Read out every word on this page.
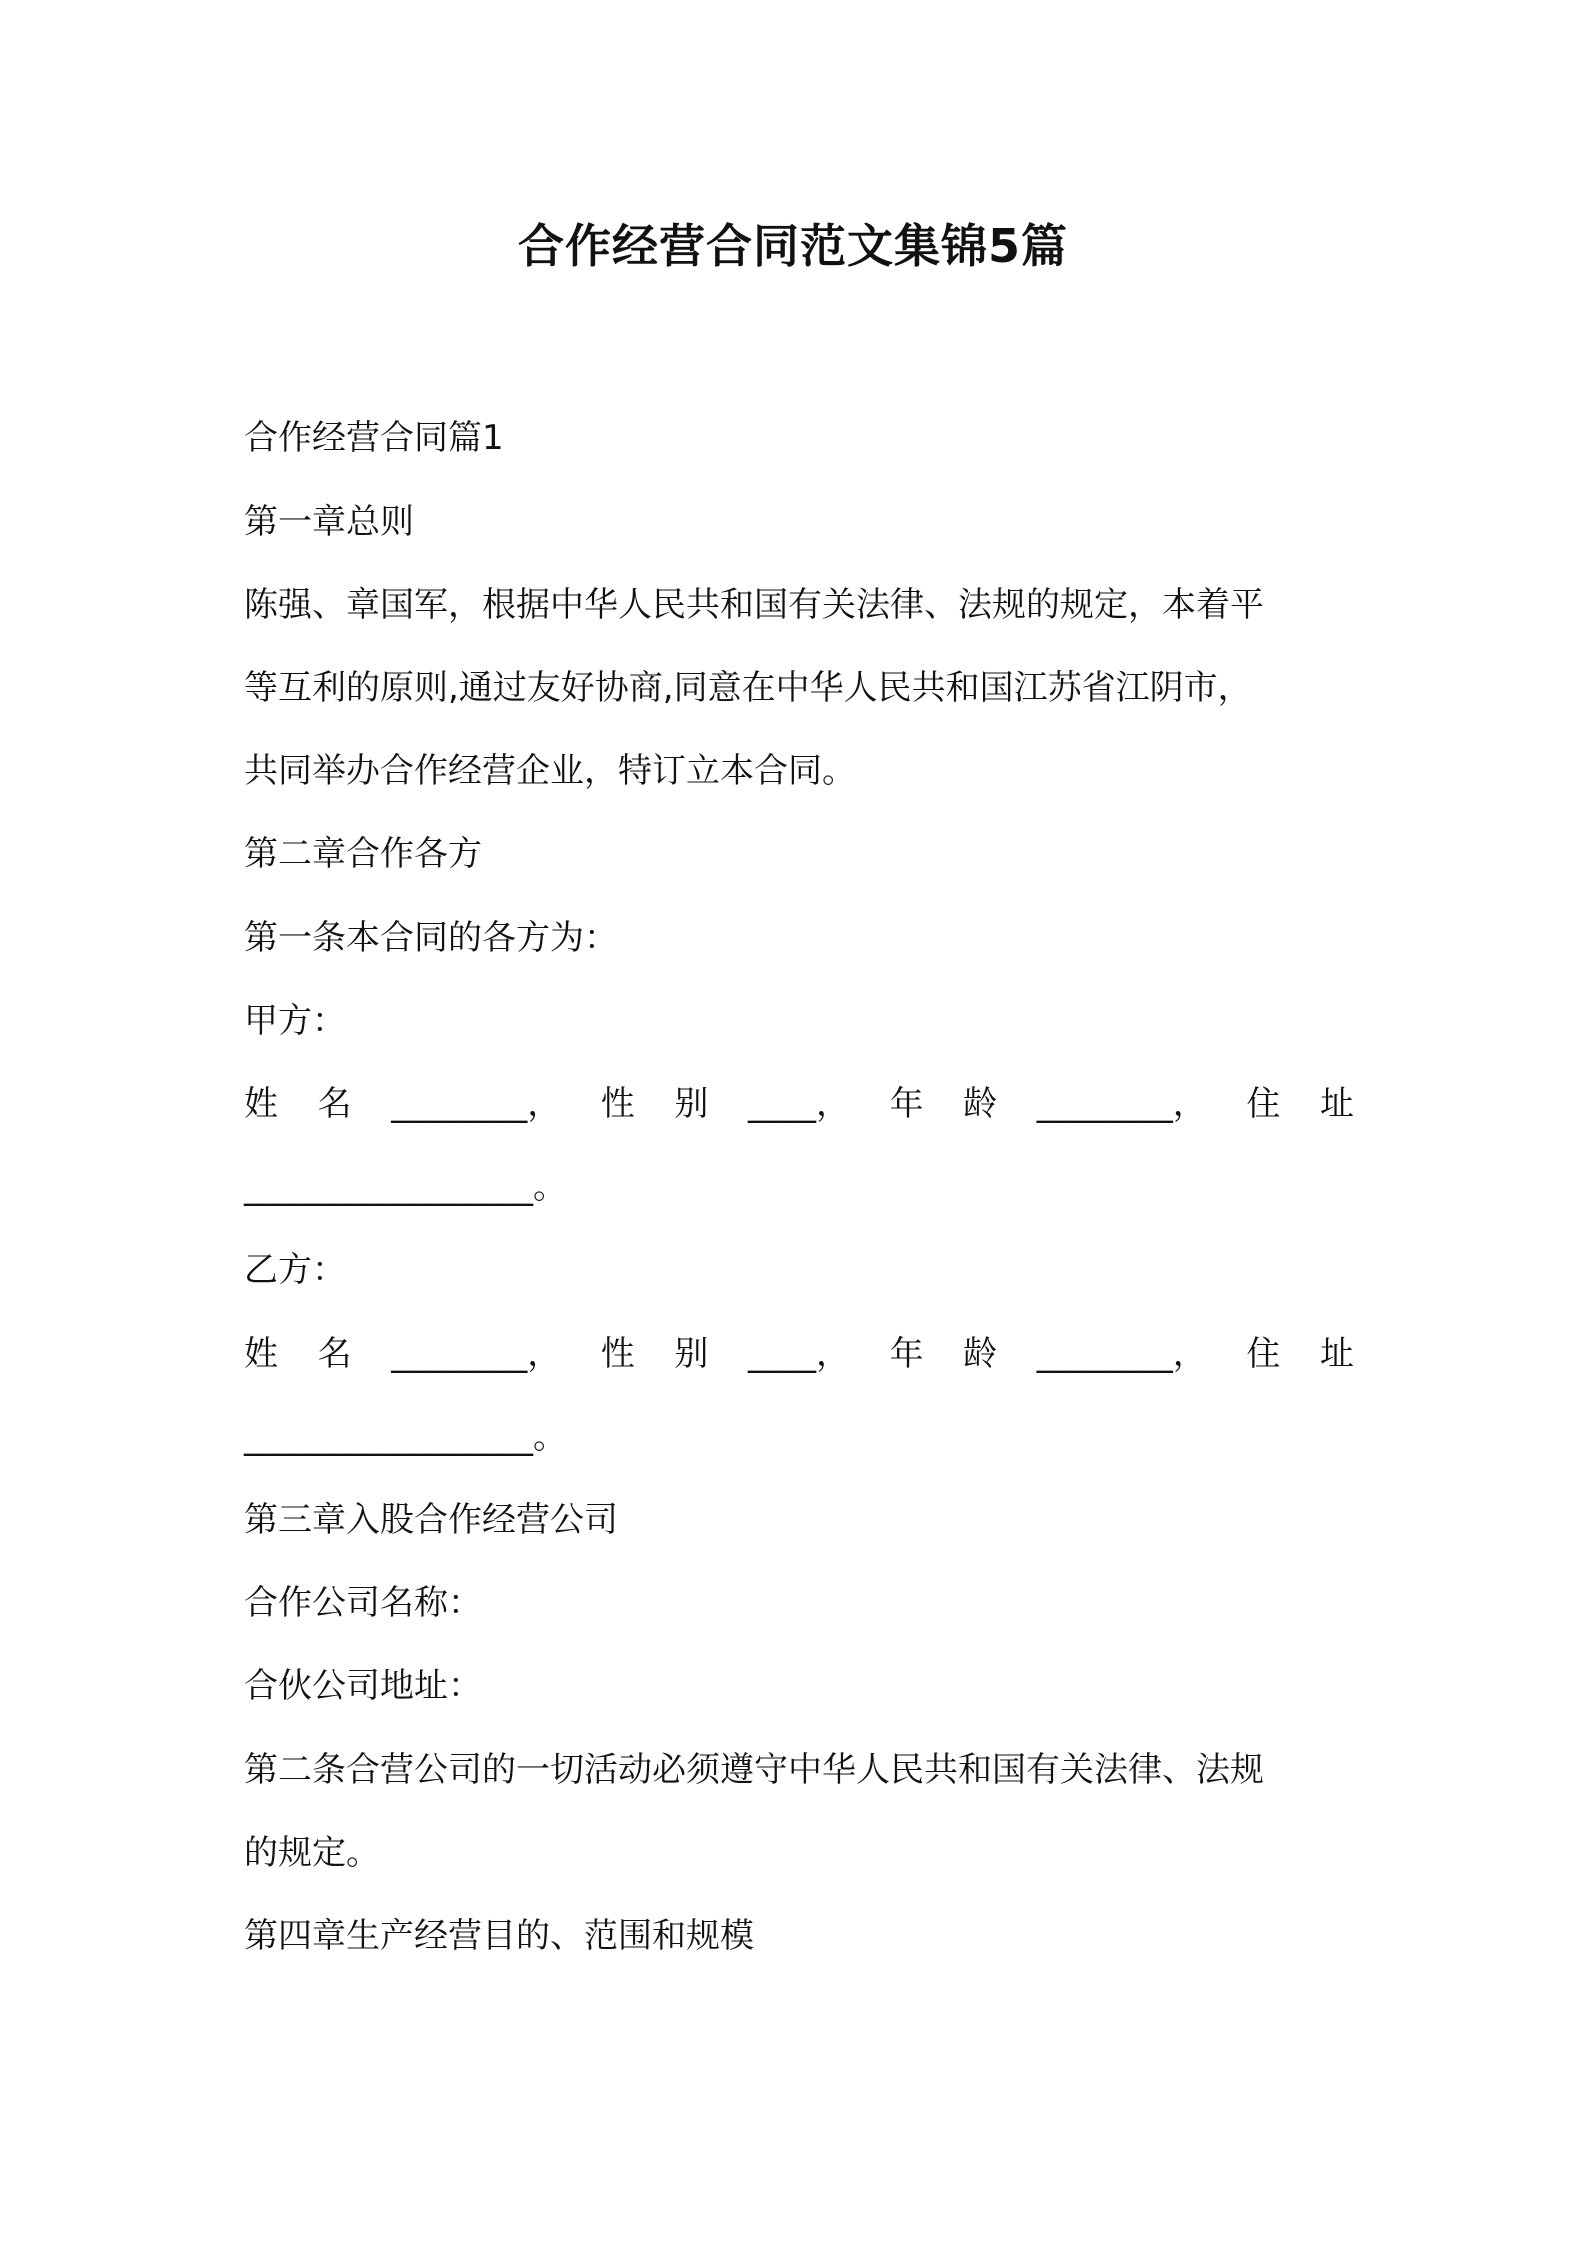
合作经营合同范文集锦5篇
合作经营合同篇1
第一章总则
陈强、章国军，根据中华人民共和国有关法律、法规的规定，本着平
等互利的原则,通过友好协商,同意在中华人民共和国江苏省江阴市，
共同举办合作经营企业，特订立本合同。
第二章合作各方
第一条本合同的各方为：
甲方：
姓 名 ________， 性 别 ____， 年 龄 ________， 住 址
_________________。
乙方：
姓 名 ________， 性 别 ____， 年 龄 ________， 住 址
_________________。
第三章入股合作经营公司
合作公司名称：
合伙公司地址：
第二条合营公司的一切活动必须遵守中华人民共和国有关法律、法规
的规定。
第四章生产经营目的、范围和规模
